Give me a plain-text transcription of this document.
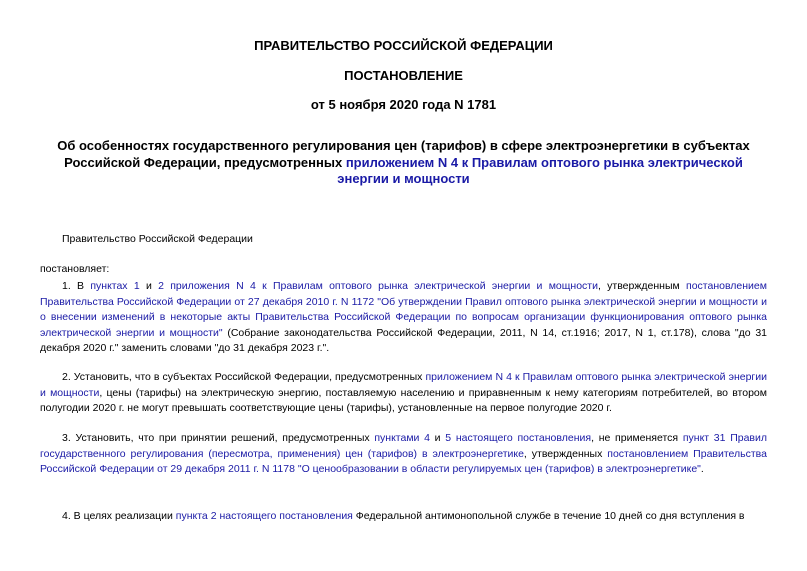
ПРАВИТЕЛЬСТВО РОССИЙСКОЙ ФЕДЕРАЦИИ
ПОСТАНОВЛЕНИЕ
от 5 ноября 2020 года N 1781
Об особенностях государственного регулирования цен (тарифов) в сфере электроэнергетики в субъектах Российской Федерации, предусмотренных приложением N 4 к Правилам оптового рынка электрической энергии и мощности
Правительство Российской Федерации
постановляет:
1. В пунктах 1 и 2 приложения N 4 к Правилам оптового рынка электрической энергии и мощности, утвержденным постановлением Правительства Российской Федерации от 27 декабря 2010 г. N 1172 "Об утверждении Правил оптового рынка электрической энергии и мощности и о внесении изменений в некоторые акты Правительства Российской Федерации по вопросам организации функционирования оптового рынка электрической энергии и мощности" (Собрание законодательства Российской Федерации, 2011, N 14, ст.1916; 2017, N 1, ст.178), слова "до 31 декабря 2020 г." заменить словами "до 31 декабря 2023 г.".
2. Установить, что в субъектах Российской Федерации, предусмотренных приложением N 4 к Правилам оптового рынка электрической энергии и мощности, цены (тарифы) на электрическую энергию, поставляемую населению и приравненным к нему категориям потребителей, во втором полугодии 2020 г. не могут превышать соответствующие цены (тарифы), установленные на первое полугодие 2020 г.
3. Установить, что при принятии решений, предусмотренных пунктами 4 и 5 настоящего постановления, не применяется пункт 31 Правил государственного регулирования (пересмотра, применения) цен (тарифов) в электроэнергетике, утвержденных постановлением Правительства Российской Федерации от 29 декабря 2011 г. N 1178 "О ценообразовании в области регулируемых цен (тарифов) в электроэнергетике".
4. В целях реализации пункта 2 настоящего постановления Федеральной антимонопольной службе в течение 10 дней со дня вступления в
